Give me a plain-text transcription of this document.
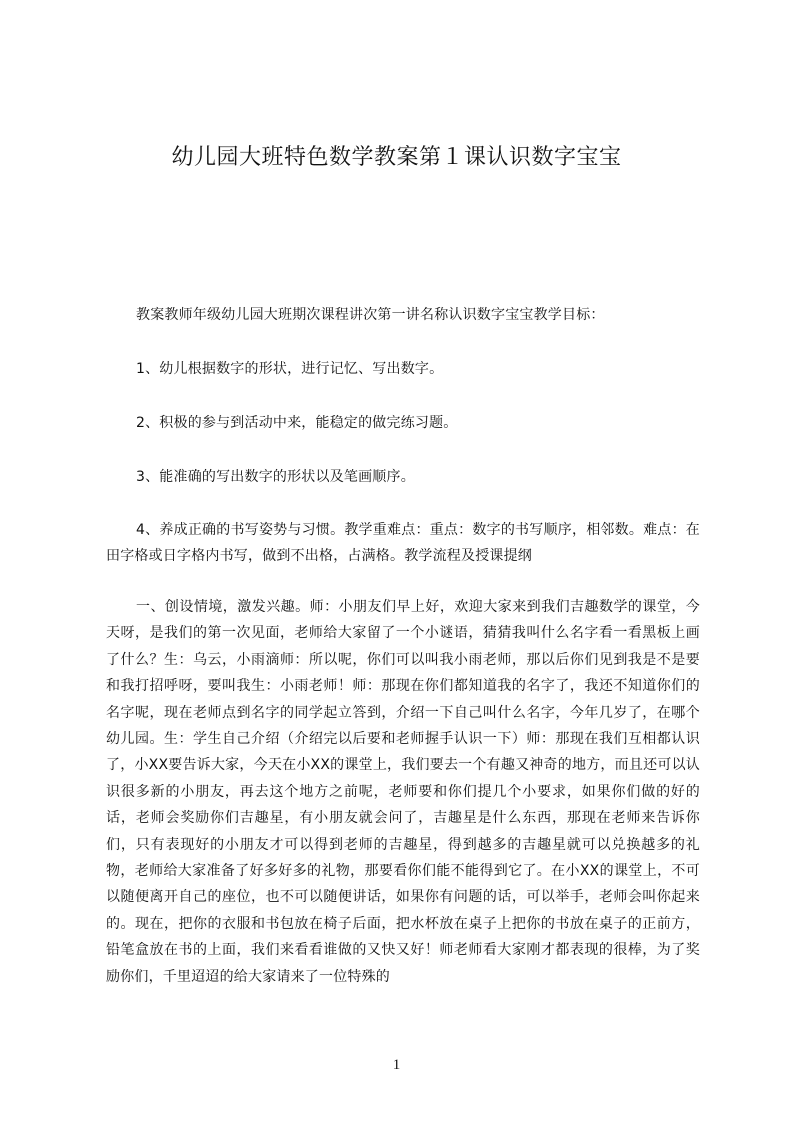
幼儿园大班特色数学教案第１课认识数字宝宝

教案教师年级幼儿园大班期次课程讲次第一讲名称认识数字宝宝教学目标：

1、幼儿根据数字的形状，进行记忆、写出数字。

2、积极的参与到活动中来，能稳定的做完练习题。

3、能准确的写出数字的形状以及笔画顺序。

4、养成正确的书写姿势与习惯。教学重难点：重点：数字的书写顺序，相邻数。难点：在田字格或日字格内书写，做到不出格，占满格。教学流程及授课提纲

一、创设情境，激发兴趣。师：小朋友们早上好，欢迎大家来到我们吉趣数学的课堂，今天呀，是我们的第一次见面，老师给大家留了一个小谜语，猜猜我叫什么名字看一看黑板上画了什么？生：乌云，小雨滴师：所以呢，你们可以叫我小雨老师，那以后你们见到我是不是要和我打招呼呀，要叫我生：小雨老师！师：那现在你们都知道我的名字了，我还不知道你们的名字呢，现在老师点到名字的同学起立答到，介绍一下自己叫什么名字，今年几岁了，在哪个幼儿园。生：学生自己介绍（介绍完以后要和老师握手认识一下）师：那现在我们互相都认识了，小XX要告诉大家，今天在小XX的课堂上，我们要去一个有趣又神奇的地方，而且还可以认识很多新的小朋友，再去这个地方之前呢，老师要和你们提几个小要求，如果你们做的好的话，老师会奖励你们吉趣星，有小朋友就会问了，吉趣星是什么东西，那现在老师来告诉你们，只有表现好的小朋友才可以得到老师的吉趣星，得到越多的吉趣星就可以兑换越多的礼物，老师给大家准备了好多好多的礼物，那要看你们能不能得到它了。在小XX的课堂上，不可以随便离开自己的座位，也不可以随便讲话，如果你有问题的话，可以举手，老师会叫你起来的。现在，把你的衣服和书包放在椅子后面，把水杯放在桌子上把你的书放在桌子的正前方，铅笔盒放在书的上面，我们来看看谁做的又快又好！师老师看大家刚才都表现的很棒，为了奖励你们，千里迢迢的给大家请来了一位特殊的

1
